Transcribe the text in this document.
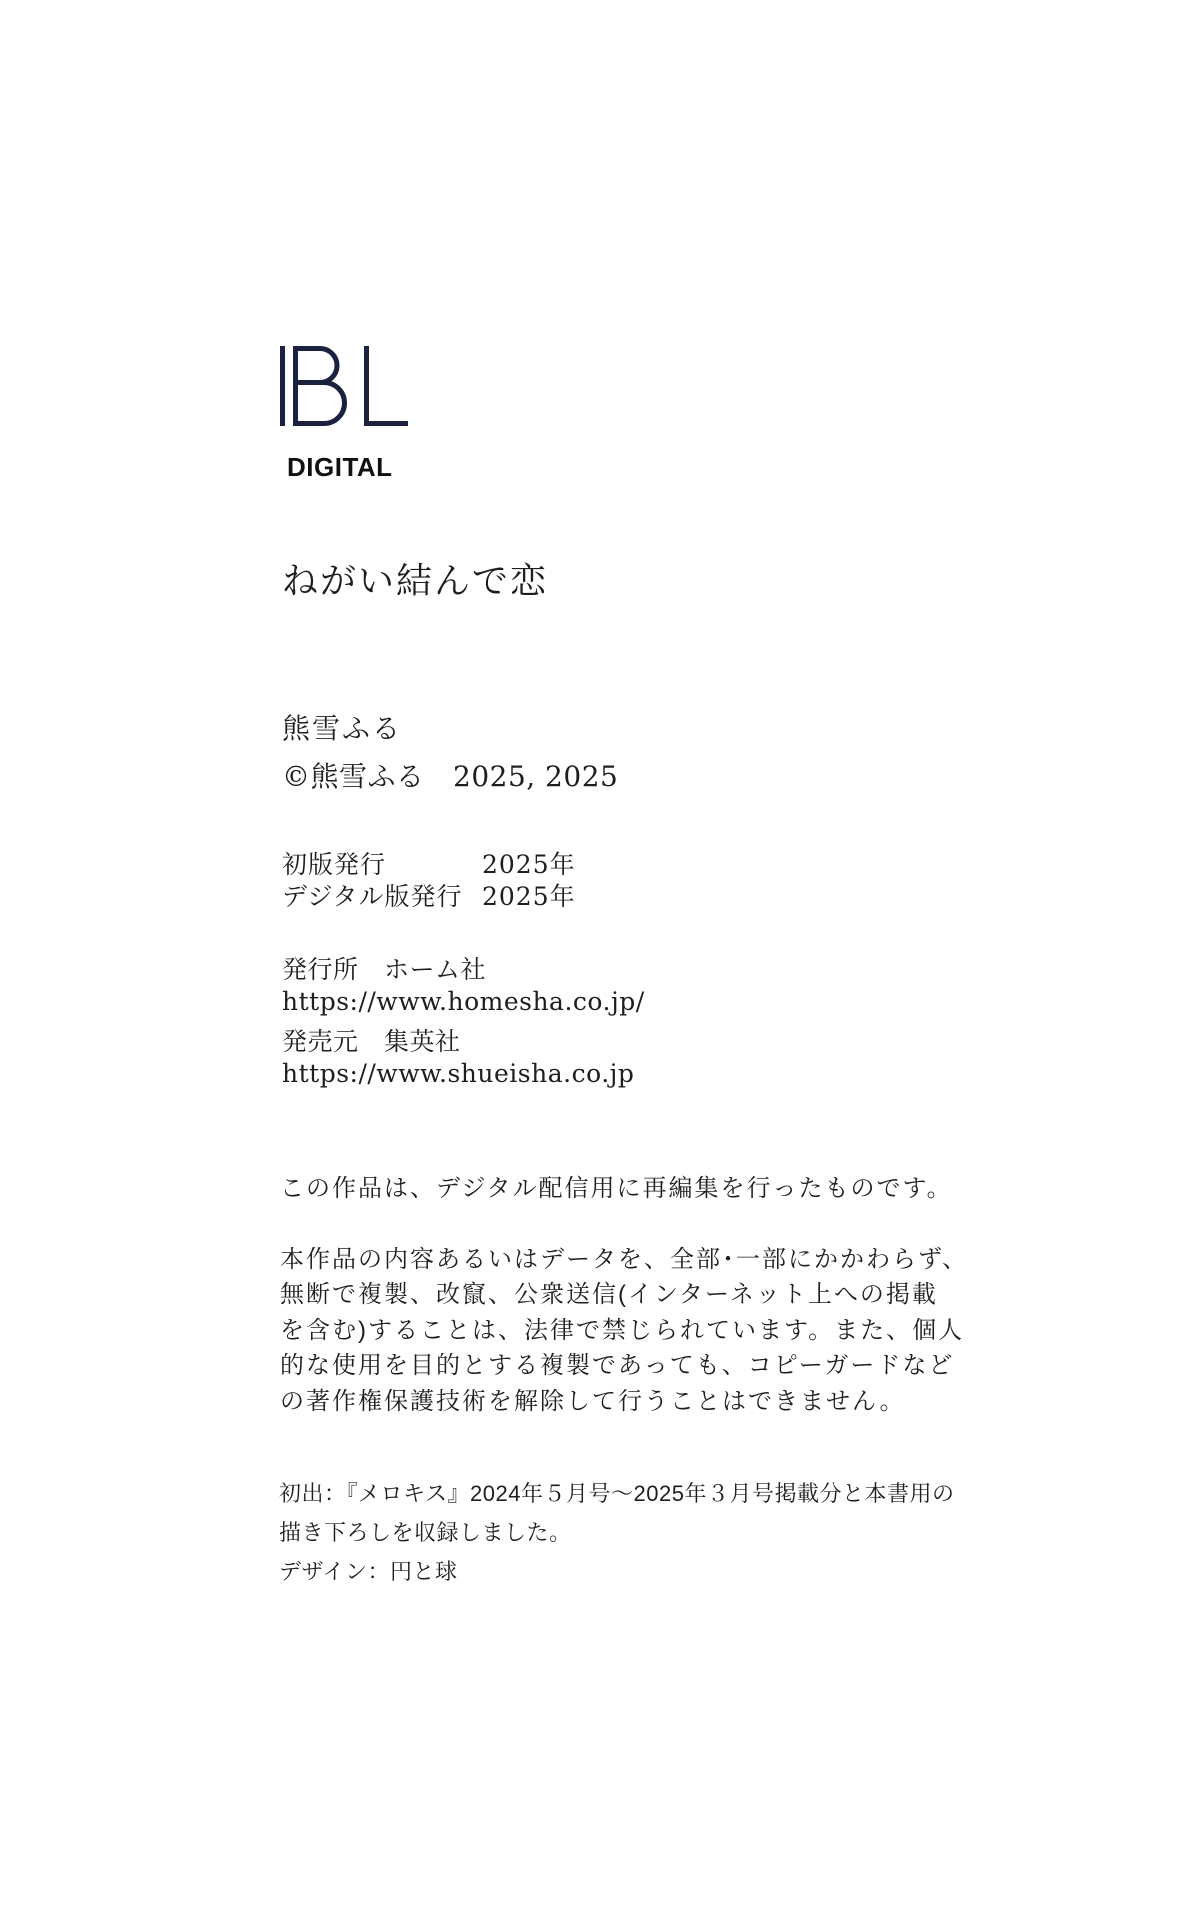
DIGITAL
ねがい結んで恋
熊雪ふる
©熊雪ふる　2025, 2025
初版発行	2025年
デジタル版発行 2025年
発行所　ホーム社
https://www.homesha.co.jp/
発売元　集英社
https://www.shueisha.co.jp
この作品は、デジタル配信用に再編集を行ったものです。
本作品の内容あるいはデータを、全部･一部にかかわらず、
無断で複製、改竄、公衆送信(インターネット上への掲載
を含む)することは、法律で禁じられています。また、個人
的な使用を目的とする複製であっても、コピーガードなど
の著作権保護技術を解除して行うことはできません。
初出：『メロキス』2024年５月号～2025年３月号掲載分と本書用の
描き下ろしを収録しました。
デザイン：円と球
